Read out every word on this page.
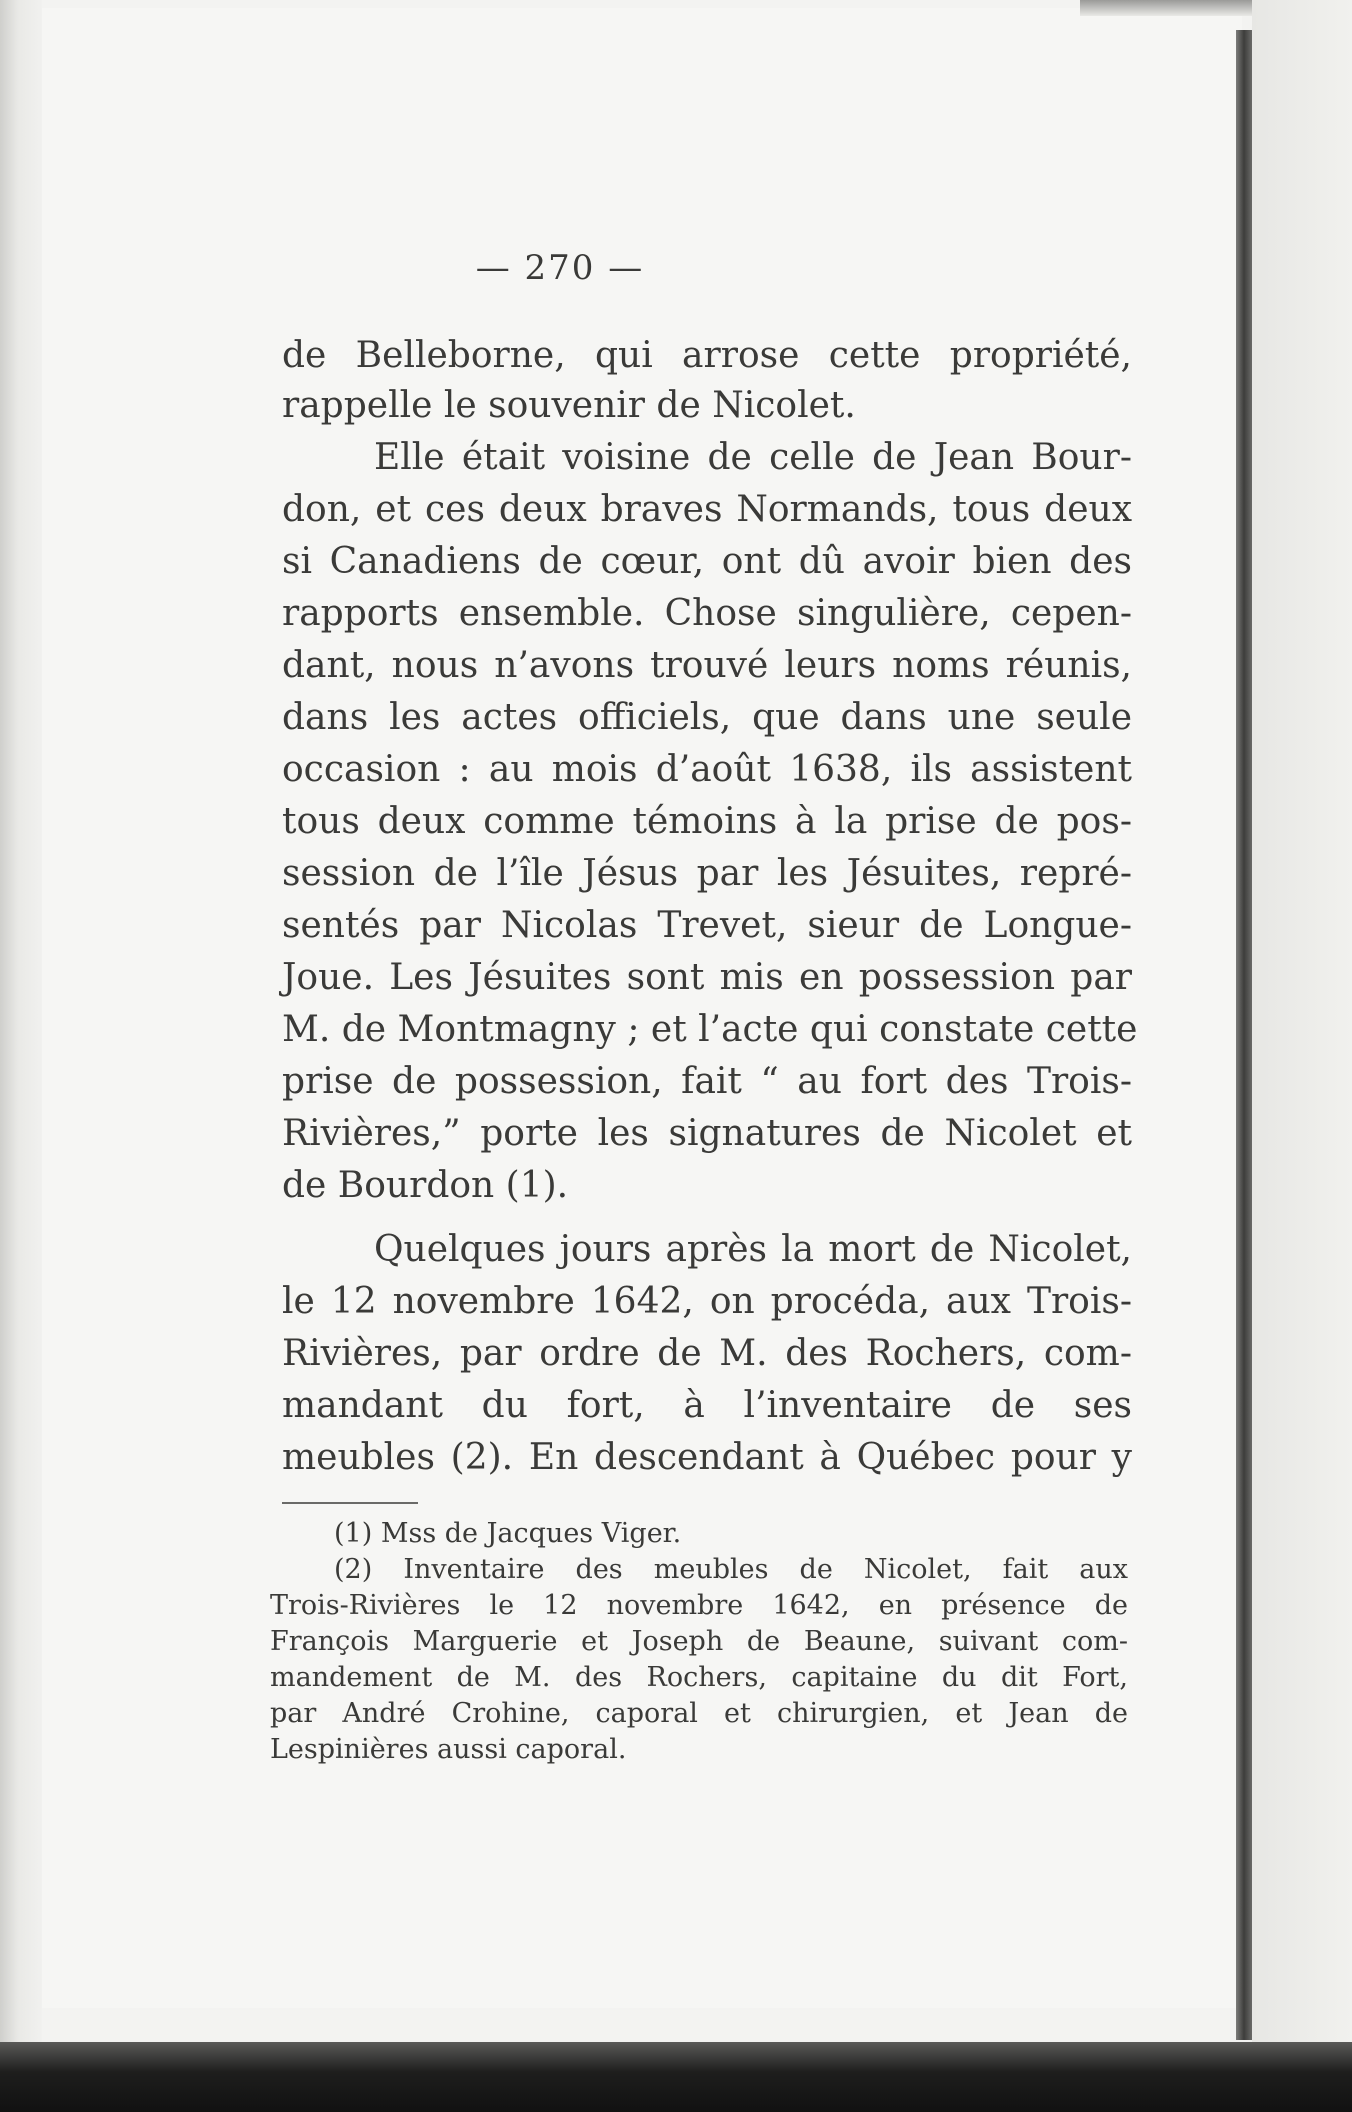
— 270 —
de Belleborne, qui arrose cette propriété,
rappelle le souvenir de Nicolet.
Elle était voisine de celle de Jean Bour-
don, et ces deux braves Normands, tous deux
si Canadiens de cœur, ont dû avoir bien des
rapports ensemble. Chose singulière, cepen-
dant, nous n’avons trouvé leurs noms réunis,
dans les actes officiels, que dans une seule
occasion : au mois d’août 1638, ils assistent
tous deux comme témoins à la prise de pos-
session de l’île Jésus par les Jésuites, repré-
sentés par Nicolas Trevet, sieur de Longue-
Joue. Les Jésuites sont mis en possession par
M. de Montmagny ; et l’acte qui constate cette
prise de possession, fait “ au fort des Trois-
Rivières,” porte les signatures de Nicolet et
de Bourdon (1).
Quelques jours après la mort de Nicolet,
le 12 novembre 1642, on procéda, aux Trois-
Rivières, par ordre de M. des Rochers, com-
mandant du fort, à l’inventaire de ses
meubles (2). En descendant à Québec pour y
(1) Mss de Jacques Viger.
(2) Inventaire des meubles de Nicolet, fait aux
Trois-Rivières le 12 novembre 1642, en présence de
François Marguerie et Joseph de Beaune, suivant com-
mandement de M. des Rochers, capitaine du dit Fort,
par André Crohine, caporal et chirurgien, et Jean de
Lespinières aussi caporal.
